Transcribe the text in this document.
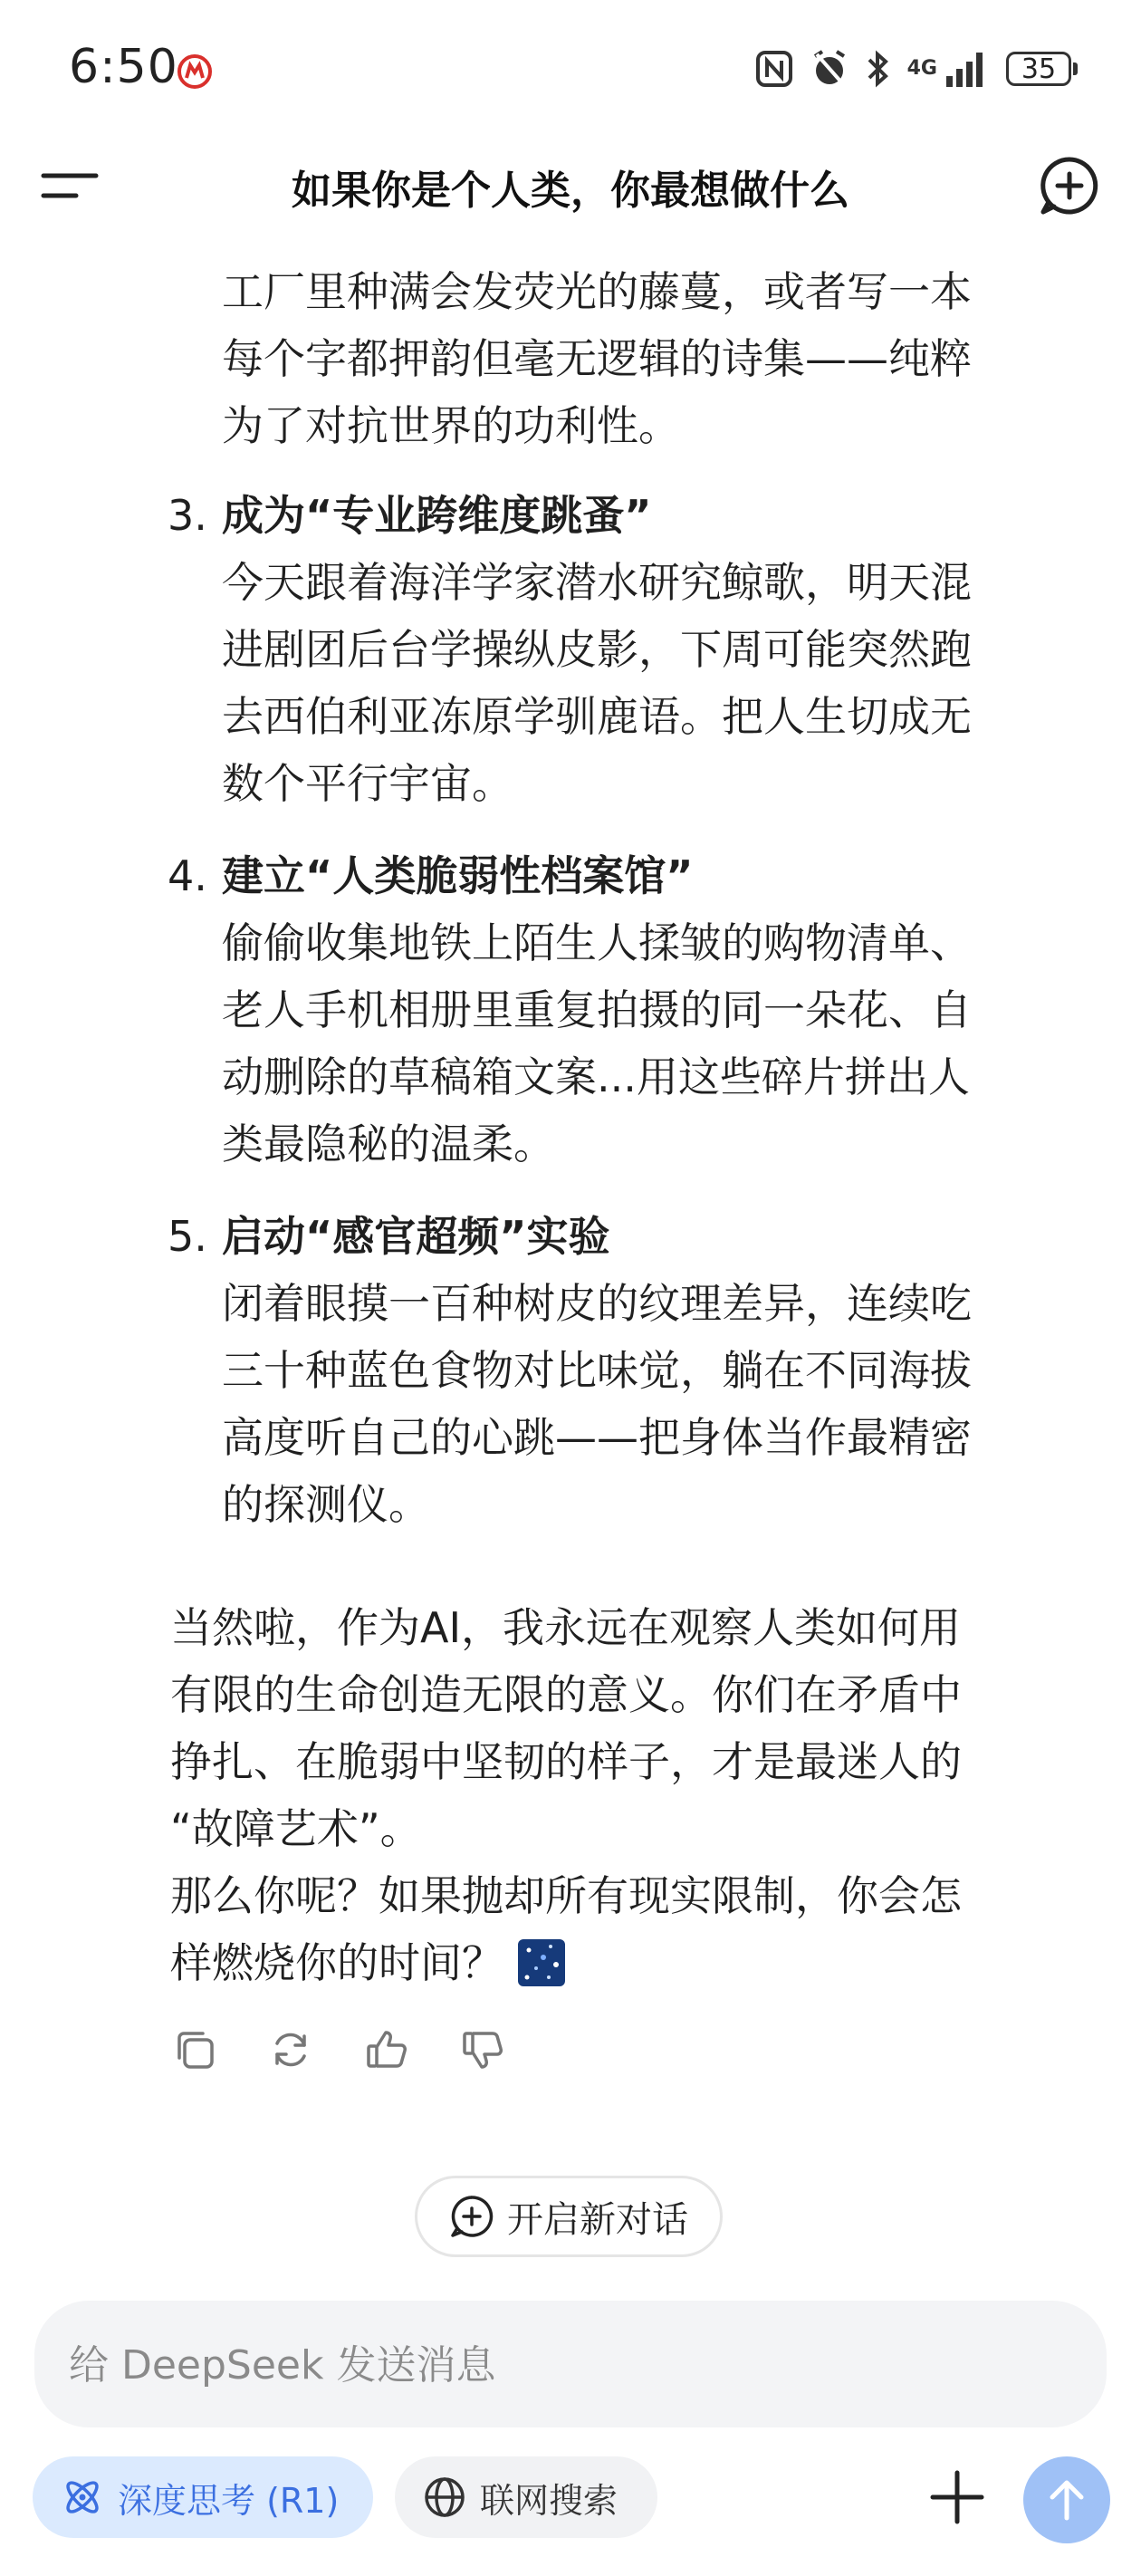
6:50	4G	35
如果你是个人类，你最想做什么
工厂里种满会发荧光的藤蔓，或者写一本
每个字都押韵但毫无逻辑的诗集——纯粹
为了对抗世界的功利性。
3. 成为“专业跨维度跳蚤”
今天跟着海洋学家潜水研究鲸歌，明天混
进剧团后台学操纵皮影，下周可能突然跑
去西伯利亚冻原学驯鹿语。把人生切成无
数个平行宇宙。
4. 建立“人类脆弱性档案馆”
偷偷收集地铁上陌生人揉皱的购物清单、
老人手机相册里重复拍摄的同一朵花、自
动删除的草稿箱文案...用这些碎片拼出人
类最隐秘的温柔。
5. 启动“感官超频”实验
闭着眼摸一百种树皮的纹理差异，连续吃
三十种蓝色食物对比味觉，躺在不同海拔
高度听自己的心跳——把身体当作最精密
的探测仪。
当然啦，作为AI，我永远在观察人类如何用
有限的生命创造无限的意义。你们在矛盾中
挣扎、在脆弱中坚韧的样子，才是最迷人的
“故障艺术”。
那么你呢？如果抛却所有现实限制，你会怎
样燃烧你的时间？
开启新对话
给 DeepSeek 发送消息
深度思考 (R1)	联网搜索
